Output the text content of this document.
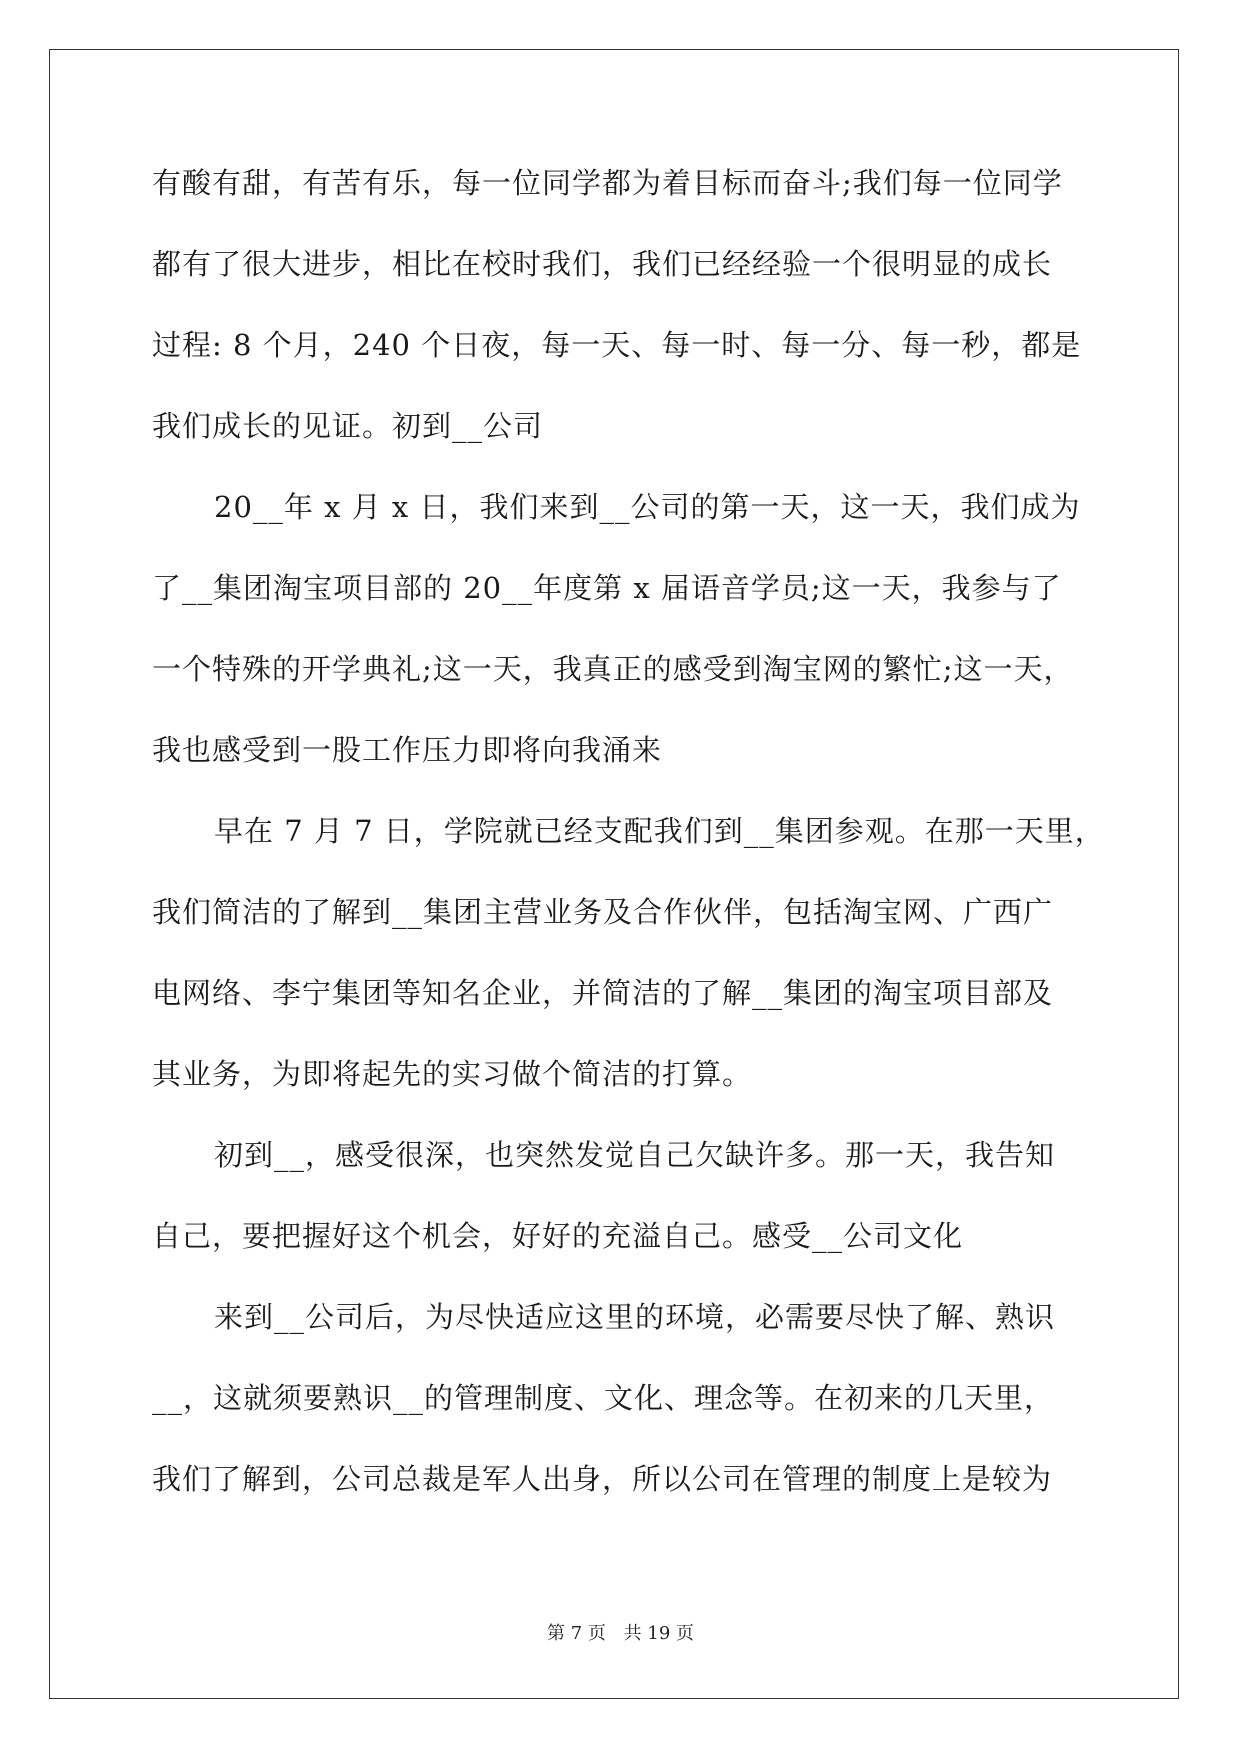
有酸有甜，有苦有乐，每一位同学都为着目标而奋斗;我们每一位同学
都有了很大进步，相比在校时我们，我们已经经验一个很明显的成长
过程: 8 个月，240 个日夜，每一天、每一时、每一分、每一秒，都是
我们成长的见证。初到__公司
20__年 x 月 x 日，我们来到__公司的第一天，这一天，我们成为
了__集团淘宝项目部的 20__年度第 x 届语音学员;这一天，我参与了
一个特殊的开学典礼;这一天，我真正的感受到淘宝网的繁忙;这一天，
我也感受到一股工作压力即将向我涌来
早在 7 月 7 日，学院就已经支配我们到__集团参观。在那一天里，
我们简洁的了解到__集团主营业务及合作伙伴，包括淘宝网、广西广
电网络、李宁集团等知名企业，并简洁的了解__集团的淘宝项目部及
其业务，为即将起先的实习做个简洁的打算。
初到__，感受很深，也突然发觉自己欠缺许多。那一天，我告知
自己，要把握好这个机会，好好的充溢自己。感受__公司文化
来到__公司后，为尽快适应这里的环境，必需要尽快了解、熟识
__，这就须要熟识__的管理制度、文化、理念等。在初来的几天里，
我们了解到，公司总裁是军人出身，所以公司在管理的制度上是较为
第 7 页 共 19 页
